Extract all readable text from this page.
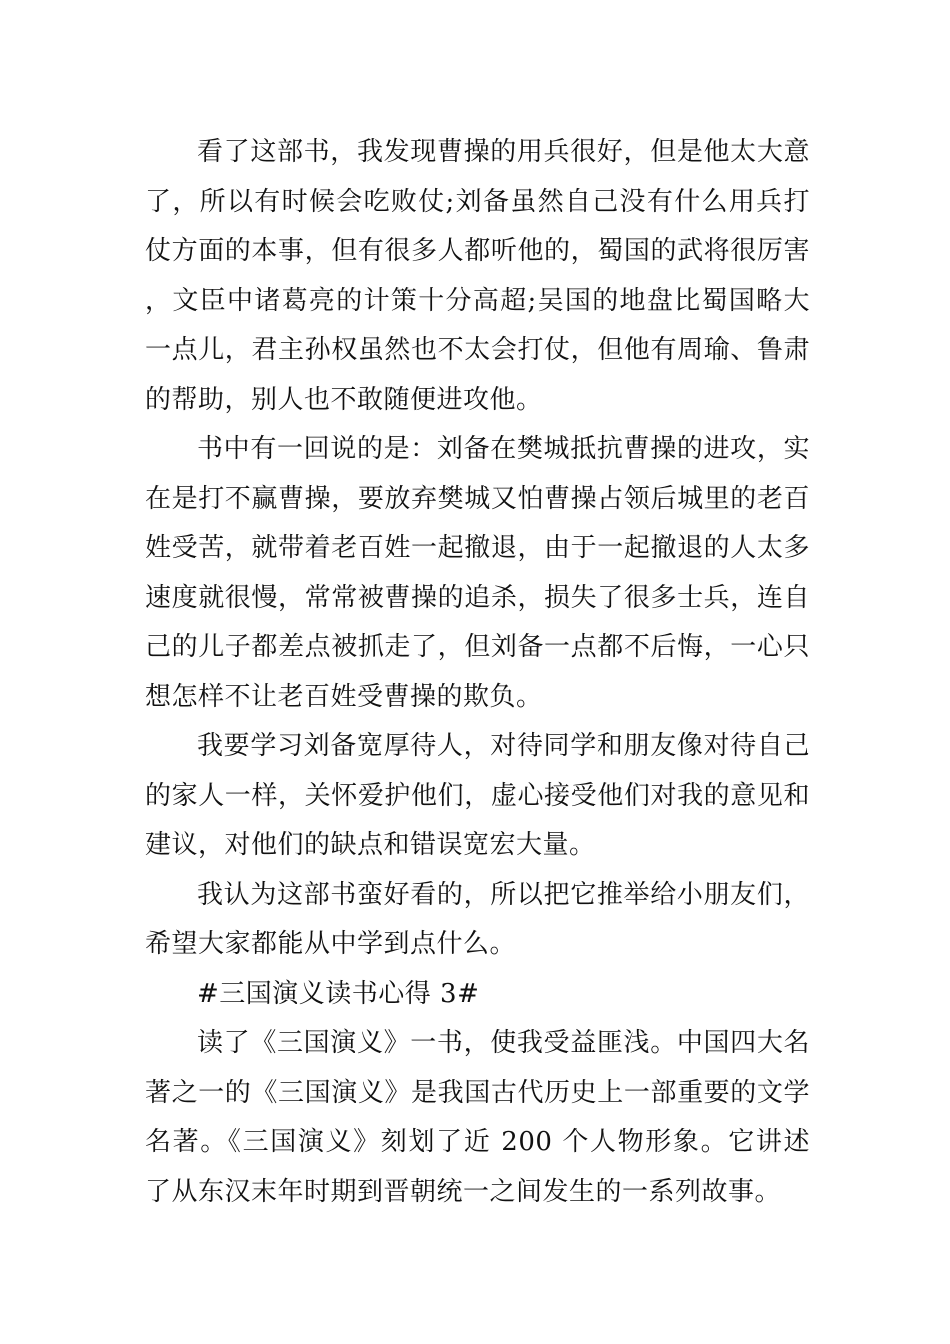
看了这部书，我发现曹操的用兵很好，但是他太大意了，所以有时候会吃败仗;刘备虽然自己没有什么用兵打仗方面的本事，但有很多人都听他的，蜀国的武将很厉害，文臣中诸葛亮的计策十分高超;吴国的地盘比蜀国略大一点儿，君主孙权虽然也不太会打仗，但他有周瑜、鲁肃的帮助，别人也不敢随便进攻他。

书中有一回说的是：刘备在樊城抵抗曹操的进攻，实在是打不赢曹操，要放弃樊城又怕曹操占领后城里的老百姓受苦，就带着老百姓一起撤退，由于一起撤退的人太多速度就很慢，常常被曹操的追杀，损失了很多士兵，连自己的儿子都差点被抓走了，但刘备一点都不后悔，一心只想怎样不让老百姓受曹操的欺负。

我要学习刘备宽厚待人，对待同学和朋友像对待自己的家人一样，关怀爱护他们，虚心接受他们对我的意见和建议，对他们的缺点和错误宽宏大量。

我认为这部书蛮好看的，所以把它推举给小朋友们，希望大家都能从中学到点什么。

#三国演义读书心得 3#

读了《三国演义》一书，使我受益匪浅。中国四大名著之一的《三国演义》是我国古代历史上一部重要的文学名著。《三国演义》刻划了近 200 个人物形象。它讲述了从东汉末年时期到晋朝统一之间发生的一系列故事。
